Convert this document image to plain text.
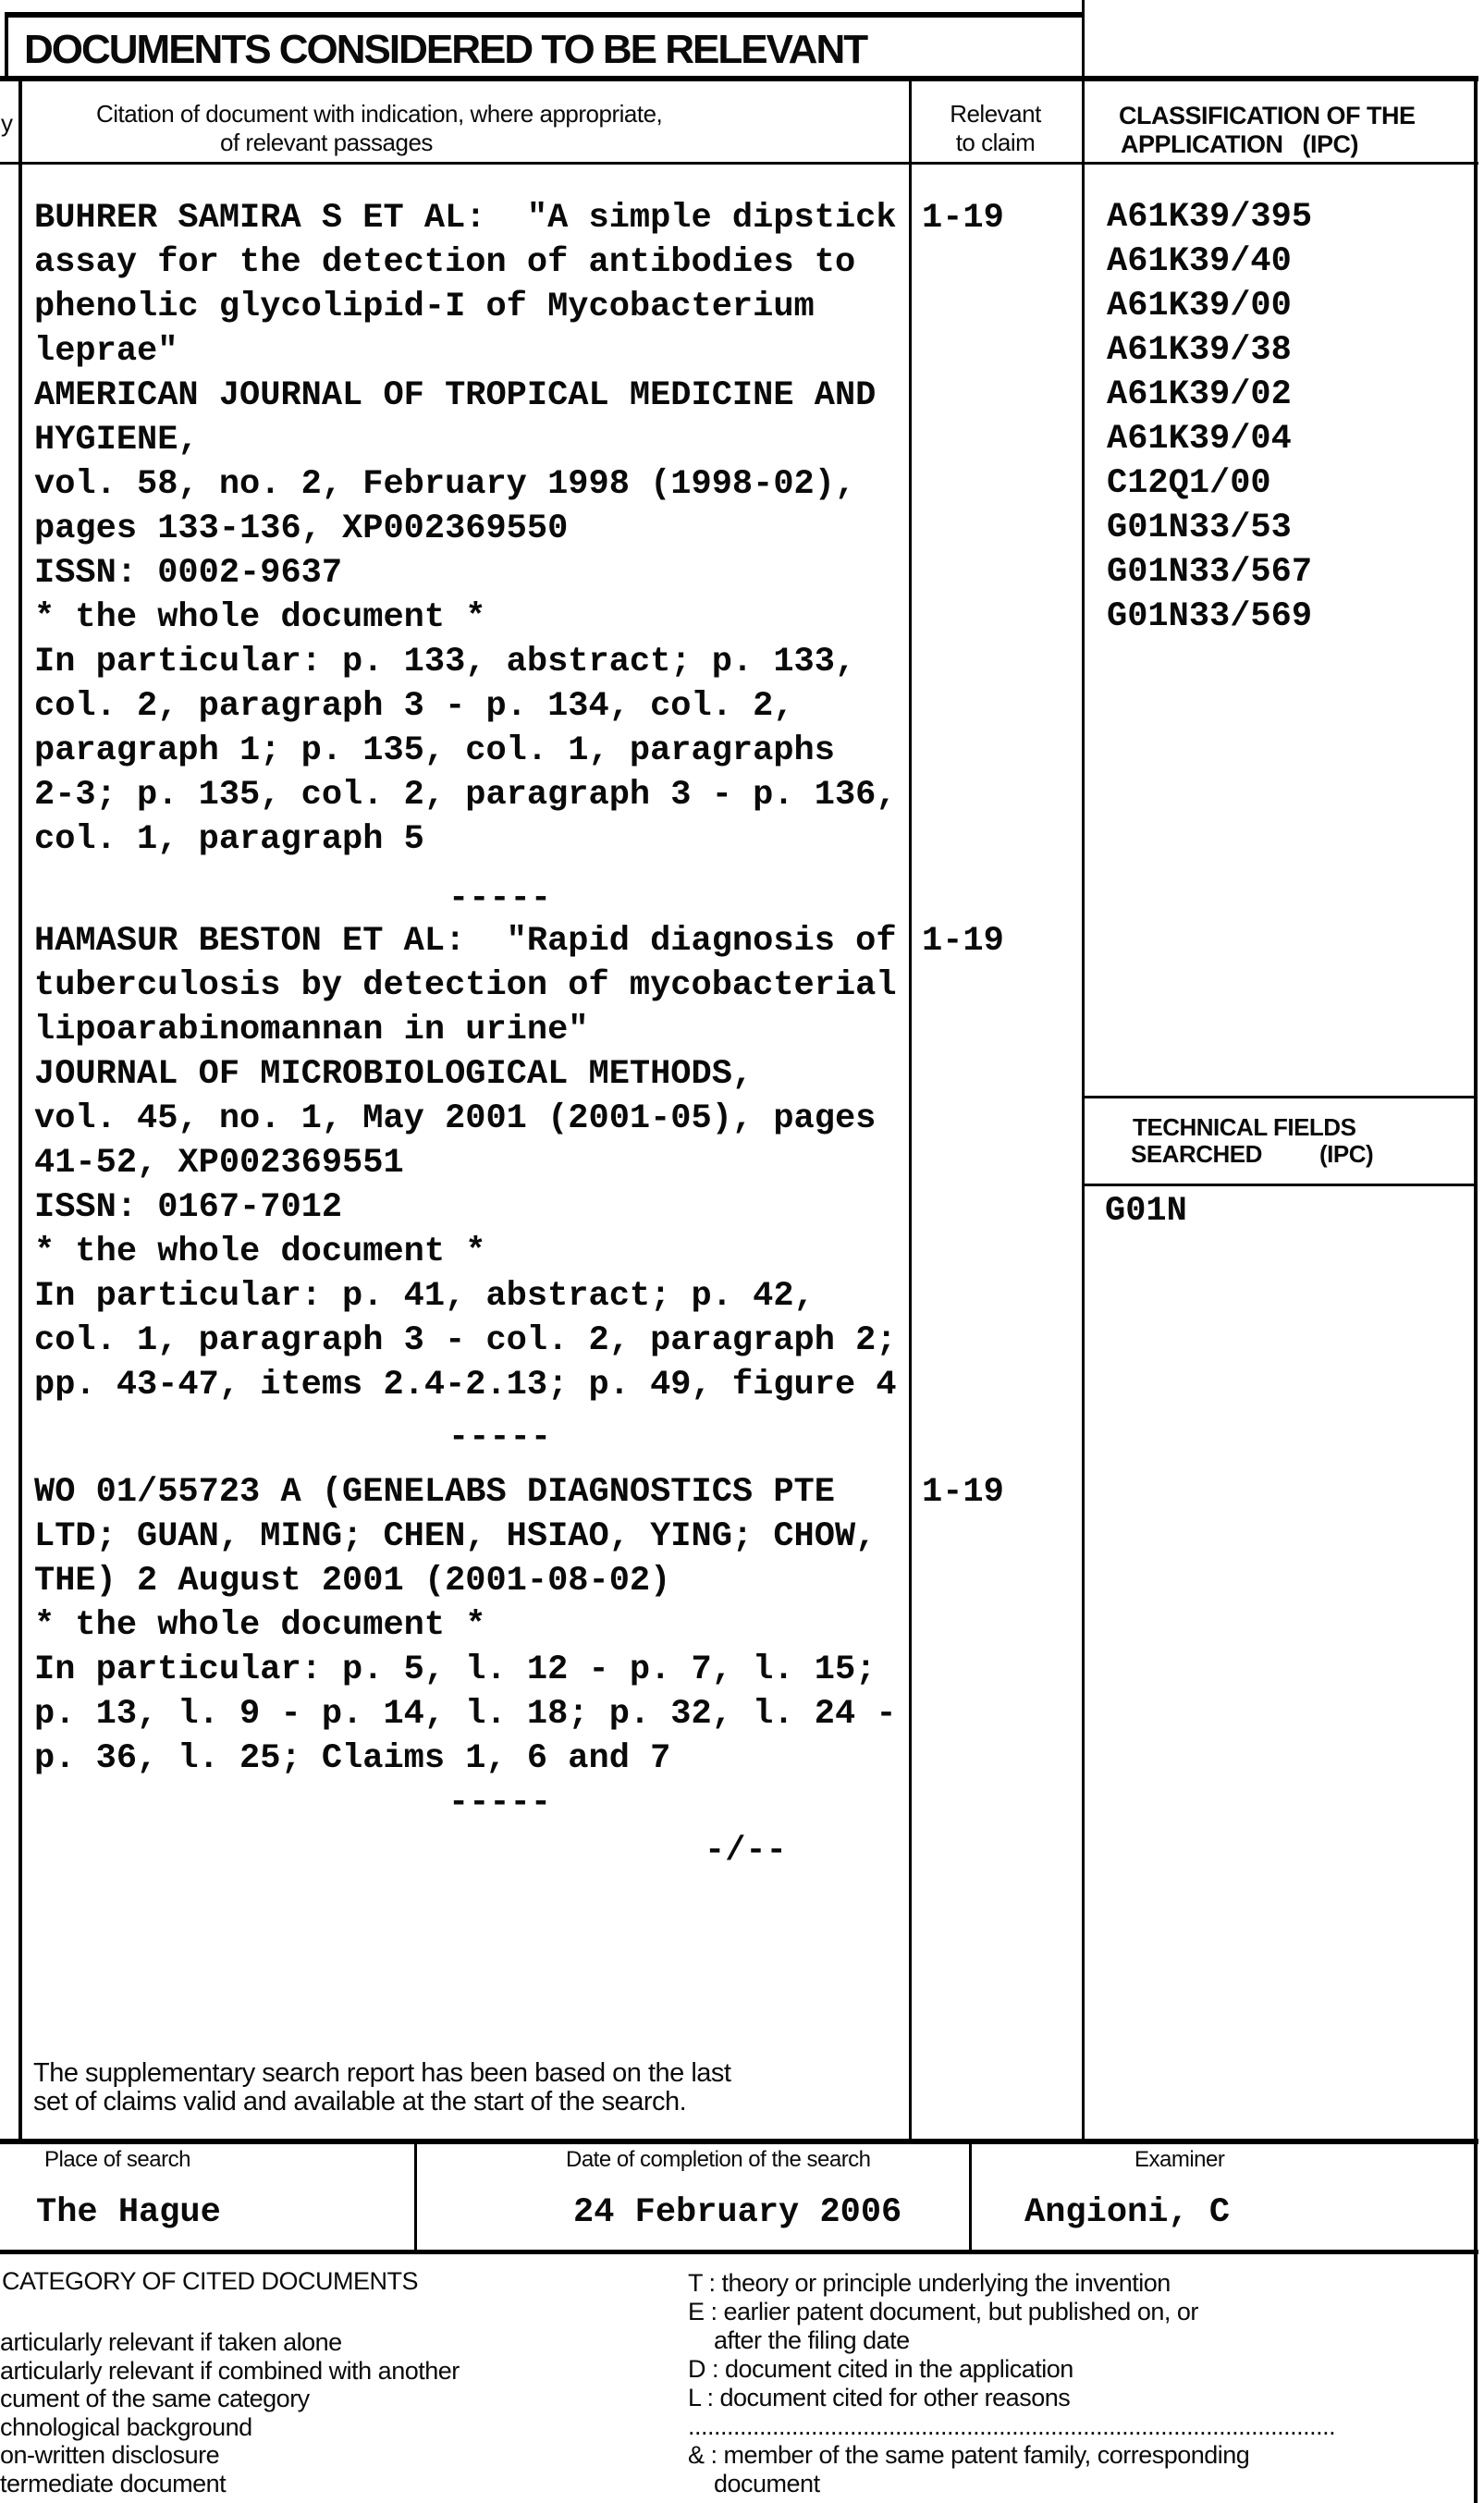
DOCUMENTS CONSIDERED TO BE RELEVANT
y	Citation of document with indication, where appropriate,
of relevant passages
Relevant
to claim
CLASSIFICATION OF THE
APPLICATION   (IPC)
BUHRER SAMIRA S ET AL:  "A simple dipstick
assay for the detection of antibodies to
phenolic glycolipid-I of Mycobacterium
leprae"
AMERICAN JOURNAL OF TROPICAL MEDICINE AND
HYGIENE,
vol. 58, no. 2, February 1998 (1998-02),
pages 133-136, XP002369550
ISSN: 0002-9637
* the whole document *
In particular: p. 133, abstract; p. 133,
col. 2, paragraph 3 - p. 134, col. 2,
paragraph 1; p. 135, col. 1, paragraphs
2-3; p. 135, col. 2, paragraph 3 - p. 136,
col. 1, paragraph 5
1-19
-----
HAMASUR BESTON ET AL:  "Rapid diagnosis of
tuberculosis by detection of mycobacterial
lipoarabinomannan in urine"
JOURNAL OF MICROBIOLOGICAL METHODS,
vol. 45, no. 1, May 2001 (2001-05), pages
41-52, XP002369551
ISSN: 0167-7012
* the whole document *
In particular: p. 41, abstract; p. 42,
col. 1, paragraph 3 - col. 2, paragraph 2;
pp. 43-47, items 2.4-2.13; p. 49, figure 4
1-19
-----
WO 01/55723 A (GENELABS DIAGNOSTICS PTE
LTD; GUAN, MING; CHEN, HSIAO, YING; CHOW,
THE) 2 August 2001 (2001-08-02)
* the whole document *
In particular: p. 5, l. 12 - p. 7, l. 15;
p. 13, l. 9 - p. 14, l. 18; p. 32, l. 24 -
p. 36, l. 25; Claims 1, 6 and 7
1-19
-----
-/--
A61K39/395
A61K39/40
A61K39/00
A61K39/38
A61K39/02
A61K39/04
C12Q1/00
G01N33/53
G01N33/567
G01N33/569
TECHNICAL FIELDS
SEARCHED (IPC)
G01N
The supplementary search report has been based on the last
set of claims valid and available at the start of the search.
Place of search
The Hague
Date of completion of the search
24 February 2006
Examiner
Angioni, C
CATEGORY OF CITED DOCUMENTS
articularly relevant if taken alone
articularly relevant if combined with another
cument of the same category
chnological background
on-written disclosure
termediate document
T : theory or principle underlying the invention
E : earlier patent document, but published on, or
after the filing date
D : document cited in the application
L : document cited for other reasons
....................................................................................................
& : member of the same patent family, corresponding
document
